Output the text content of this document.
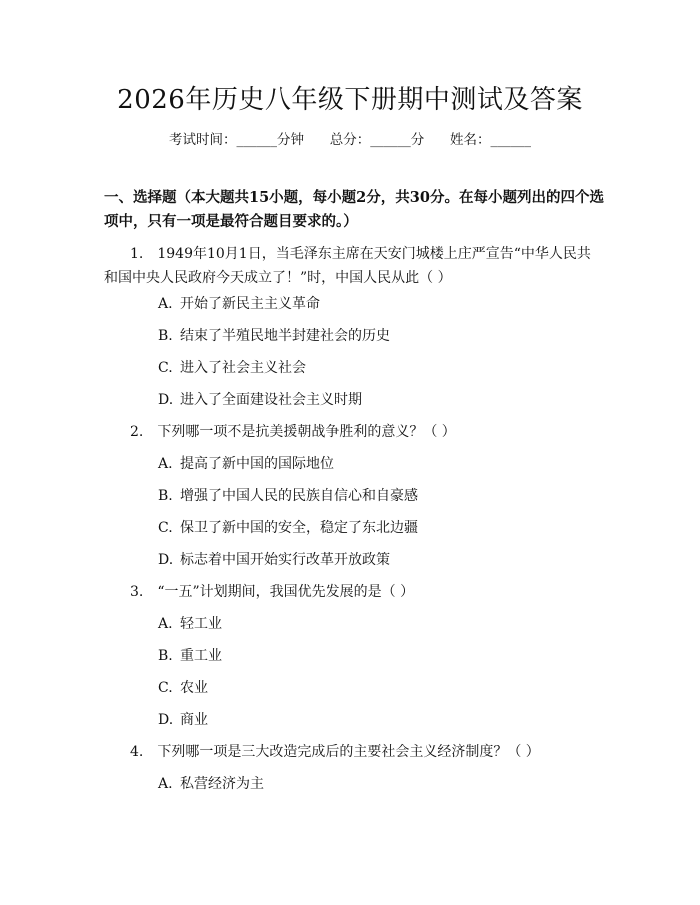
2026年历史八年级下册期中测试及答案
考试时间：______分钟      总分：______分      姓名：______
一、选择题（本大题共15小题，每小题2分，共30分。在每小题列出的四个选项中，只有一项是最符合题目要求的。）
1. 1949年10月1日，当毛泽东主席在天安门城楼上庄严宣告“中华人民共和国中央人民政府今天成立了！”时，中国人民从此（ ）
A. 开始了新民主主义革命
B. 结束了半殖民地半封建社会的历史
C. 进入了社会主义社会
D. 进入了全面建设社会主义时期
2. 下列哪一项不是抗美援朝战争胜利的意义？（ ）
A. 提高了新中国的国际地位
B. 增强了中国人民的民族自信心和自豪感
C. 保卫了新中国的安全，稳定了东北边疆
D. 标志着中国开始实行改革开放政策
3. “一五”计划期间，我国优先发展的是（ ）
A. 轻工业
B. 重工业
C. 农业
D. 商业
4. 下列哪一项是三大改造完成后的主要社会主义经济制度？（ ）
A. 私营经济为主
